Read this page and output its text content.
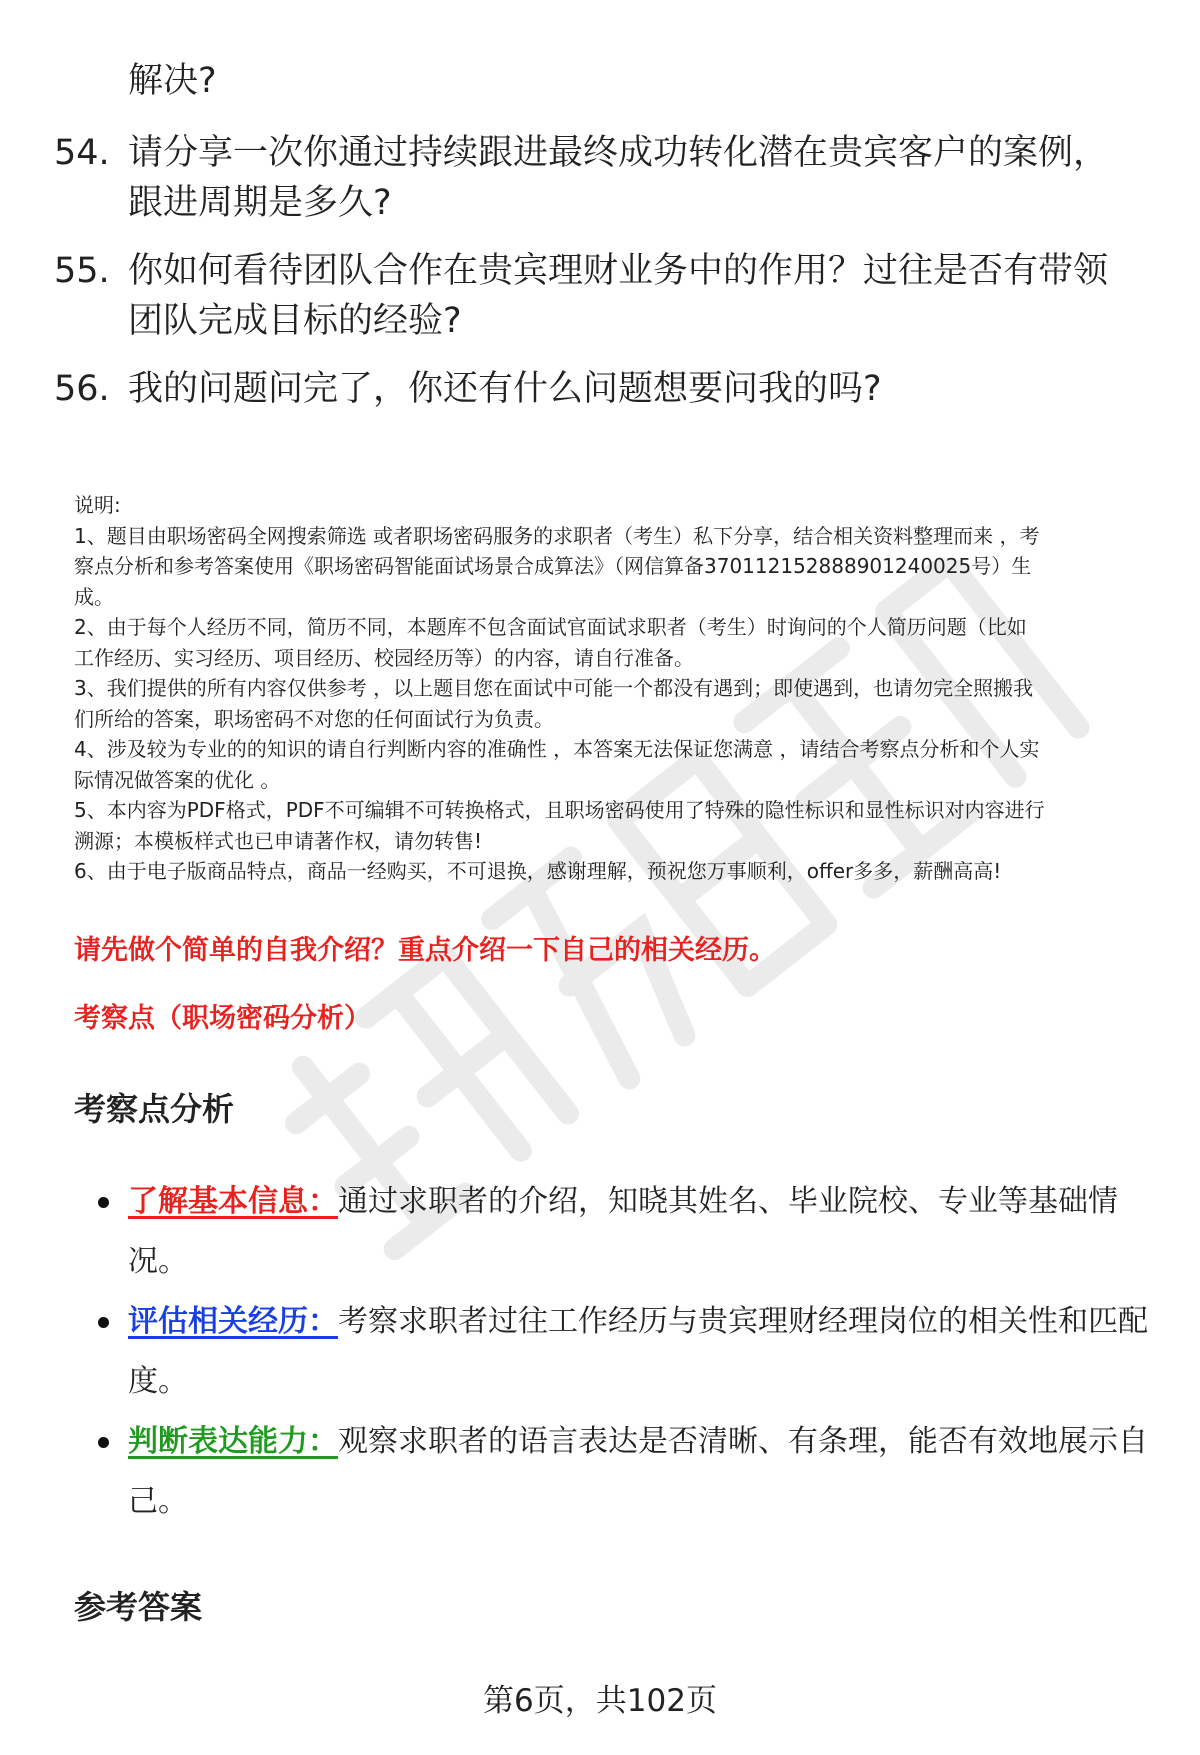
解决?
54. 请分享一次你通过持续跟进最终成功转化潜在贵宾客户的案例，
跟进周期是多久?
55. 你如何看待团队合作在贵宾理财业务中的作用？过往是否有带领
团队完成目标的经验?
56. 我的问题问完了，你还有什么问题想要问我的吗?
说明:
1、题目由职场密码全网搜索筛选 或者职场密码服务的求职者（考生）私下分享，结合相关资料整理而来 ，考
察点分析和参考答案使用《职场密码智能面试场景合成算法》（网信算备370112152888901240025号）生
成。
2、由于每个人经历不同，简历不同，本题库不包含面试官面试求职者（考生）时询问的个人简历问题（比如
工作经历、实习经历、项目经历、校园经历等）的内容，请自行准备。
3、我们提供的所有内容仅供参考 ，以上题目您在面试中可能一个都没有遇到；即使遇到，也请勿完全照搬我
们所给的答案，职场密码不对您的任何面试行为负责。
4、涉及较为专业的的知识的请自行判断内容的准确性 ，本答案无法保证您满意 ，请结合考察点分析和个人实
际情况做答案的优化 。
5、本内容为PDF格式，PDF不可编辑不可转换格式，且职场密码使用了特殊的隐性标识和显性标识对内容进行
溯源；本模板样式也已申请著作权，请勿转售!
6、由于电子版商品特点，商品一经购买，不可退换，感谢理解，预祝您万事顺利，offer多多，薪酬高高!
请先做个简单的自我介绍？重点介绍一下自己的相关经历。
考察点（职场密码分析）
考察点分析
了解基本信息：通过求职者的介绍，知晓其姓名、毕业院校、专业等基础情
况。
评估相关经历：考察求职者过往工作经历与贵宾理财经理岗位的相关性和匹配
度。
判断表达能力：观察求职者的语言表达是否清晰、有条理，能否有效地展示自
己。
参考答案
第6页，共102页
